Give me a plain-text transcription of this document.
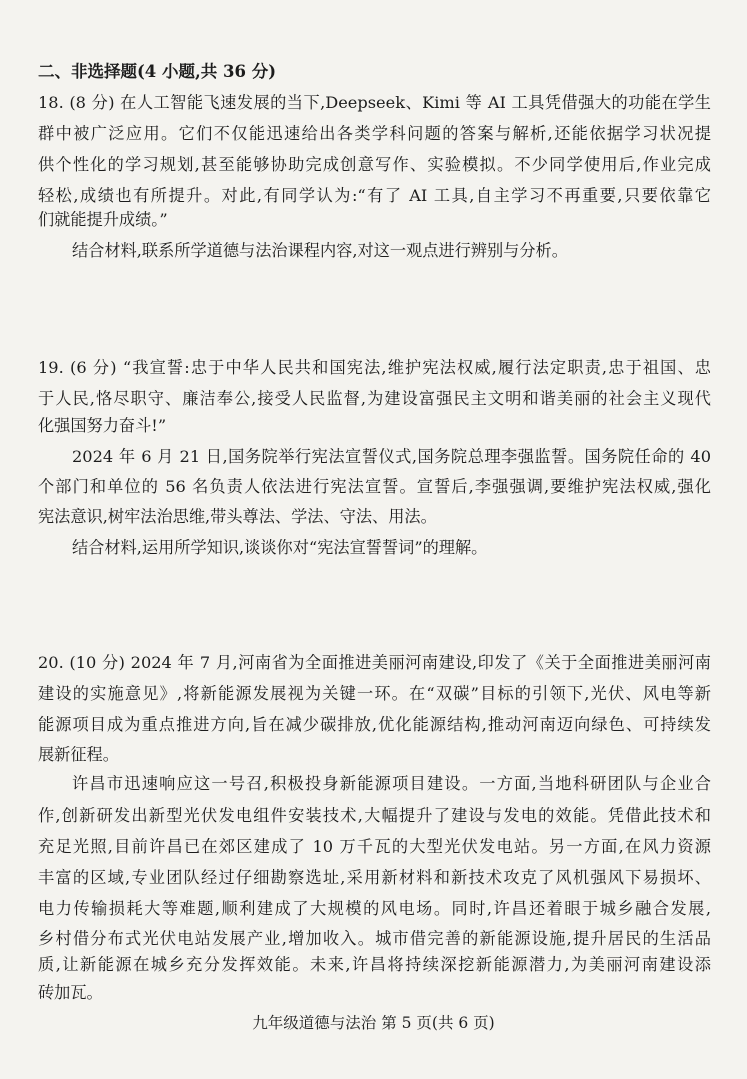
二、非选择题(4 小题,共 36 分)
18. (8 分) 在人工智能飞速发展的当下,Deepseek、Kimi 等 AI 工具凭借强大的功能在学生
群中被广泛应用。它们不仅能迅速给出各类学科问题的答案与解析,还能依据学习状况提
供个性化的学习规划,甚至能够协助完成创意写作、实验模拟。不少同学使用后,作业完成
轻松,成绩也有所提升。对此,有同学认为:“有了 AI 工具,自主学习不再重要,只要依靠它
们就能提升成绩。”
结合材料,联系所学道德与法治课程内容,对这一观点进行辨别与分析。
19. (6 分) “我宣誓:忠于中华人民共和国宪法,维护宪法权威,履行法定职责,忠于祖国、忠
于人民,恪尽职守、廉洁奉公,接受人民监督,为建设富强民主文明和谐美丽的社会主义现代
化强国努力奋斗!”
2024 年 6 月 21 日,国务院举行宪法宣誓仪式,国务院总理李强监誓。国务院任命的 40
个部门和单位的 56 名负责人依法进行宪法宣誓。宣誓后,李强强调,要维护宪法权威,强化
宪法意识,树牢法治思维,带头尊法、学法、守法、用法。
结合材料,运用所学知识,谈谈你对“宪法宣誓誓词”的理解。
20. (10 分) 2024 年 7 月,河南省为全面推进美丽河南建设,印发了《关于全面推进美丽河南
建设的实施意见》,将新能源发展视为关键一环。在“双碳”目标的引领下,光伏、风电等新
能源项目成为重点推进方向,旨在减少碳排放,优化能源结构,推动河南迈向绿色、可持续发
展新征程。
许昌市迅速响应这一号召,积极投身新能源项目建设。一方面,当地科研团队与企业合
作,创新研发出新型光伏发电组件安装技术,大幅提升了建设与发电的效能。凭借此技术和
充足光照,目前许昌已在郊区建成了 10 万千瓦的大型光伏发电站。另一方面,在风力资源
丰富的区域,专业团队经过仔细勘察选址,采用新材料和新技术攻克了风机强风下易损坏、
电力传输损耗大等难题,顺利建成了大规模的风电场。同时,许昌还着眼于城乡融合发展,
乡村借分布式光伏电站发展产业,增加收入。城市借完善的新能源设施,提升居民的生活品
质,让新能源在城乡充分发挥效能。未来,许昌将持续深挖新能源潜力,为美丽河南建设添
砖加瓦。
九年级道德与法治 第 5 页(共 6 页)
